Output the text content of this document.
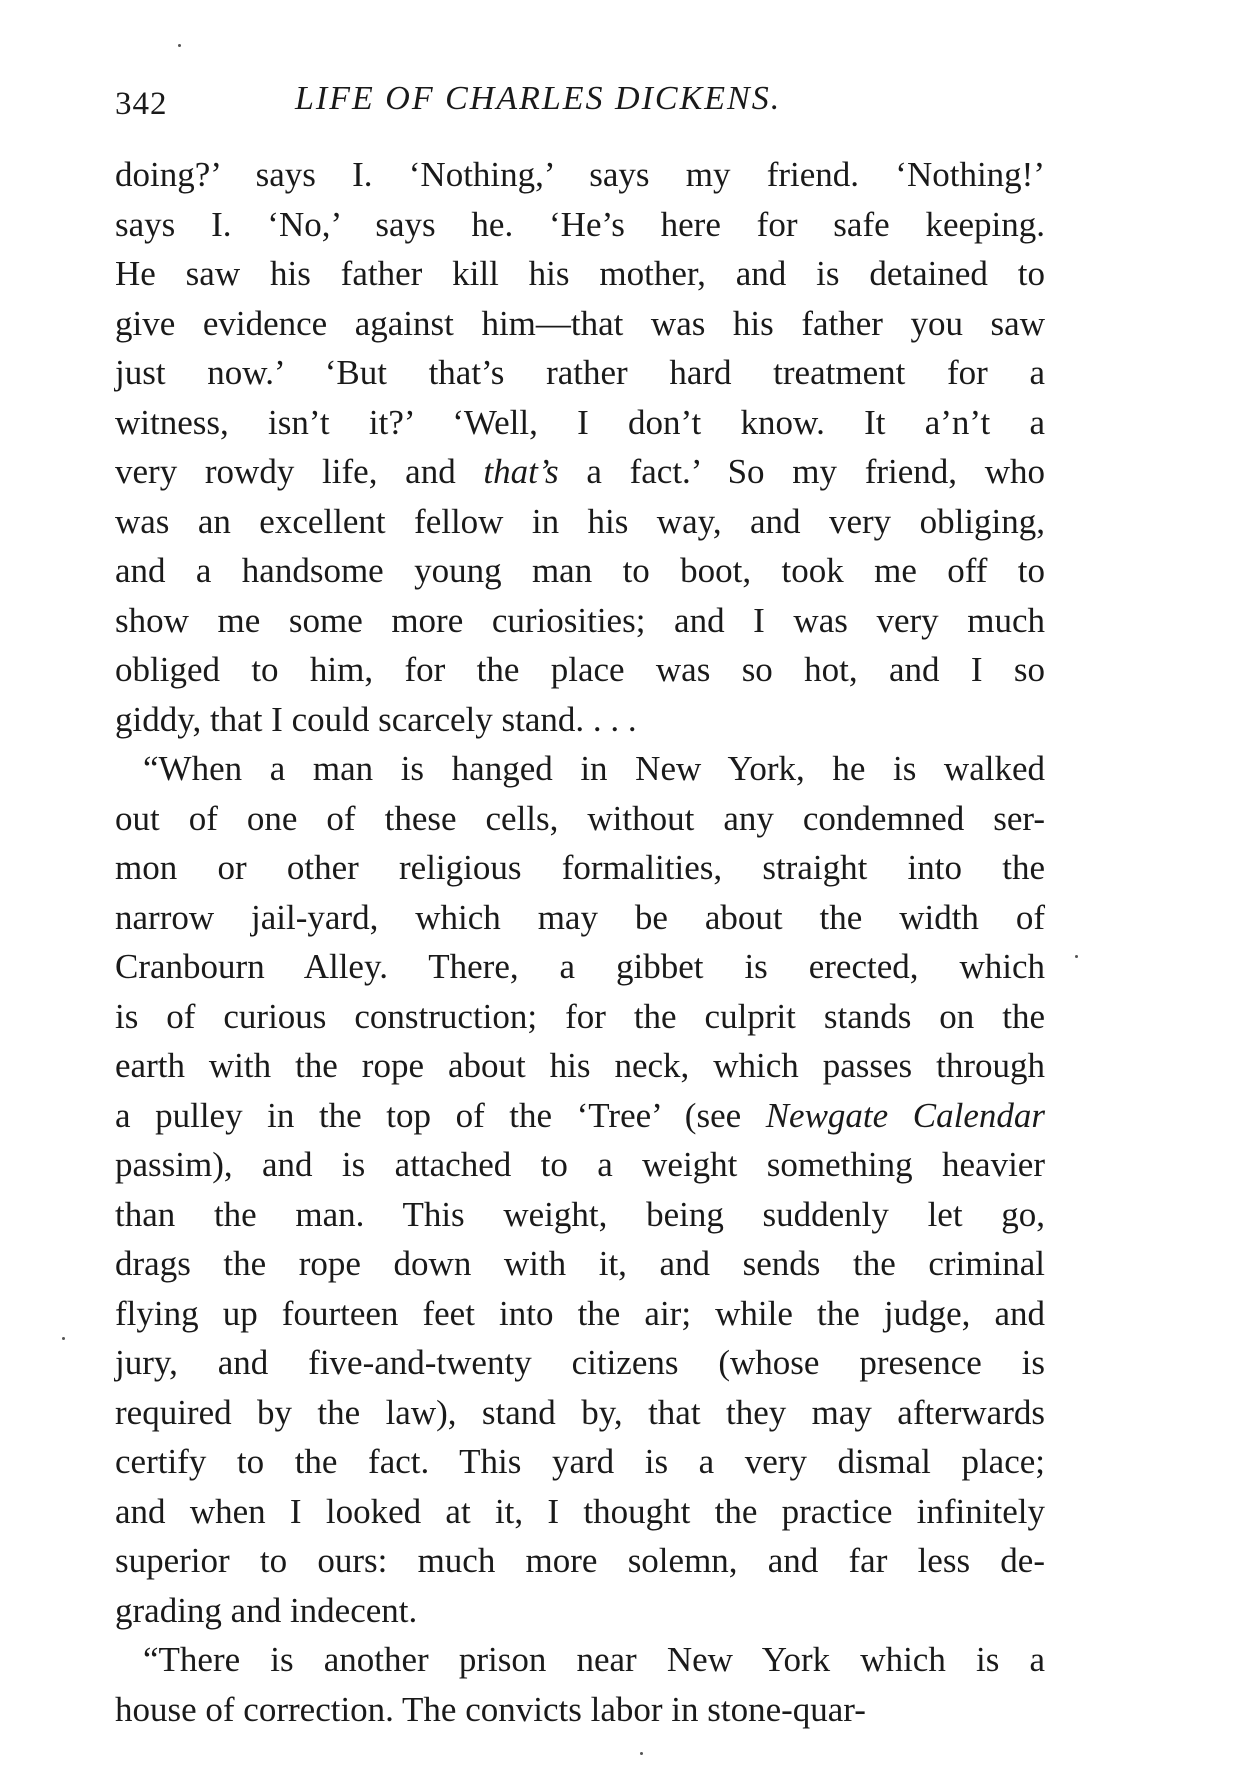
342	LIFE OF CHARLES DICKENS.

doing?’ says I. ‘Nothing,’ says my friend. ‘Nothing!’
says I. ‘No,’ says he. ‘He’s here for safe keeping.
He saw his father kill his mother, and is detained to
give evidence against him—that was his father you saw
just now.’ ‘But that’s rather hard treatment for a
witness, isn’t it?’ ‘Well, I don’t know. It a’n’t a
very rowdy life, and that’s a fact.’ So my friend, who
was an excellent fellow in his way, and very obliging,
and a handsome young man to boot, took me off to
show me some more curiosities; and I was very much
obliged to him, for the place was so hot, and I so
giddy, that I could scarcely stand. . . .

“When a man is hanged in New York, he is walked
out of one of these cells, without any condemned ser-
mon or other religious formalities, straight into the
narrow jail-yard, which may be about the width of
Cranbourn Alley. There, a gibbet is erected, which
is of curious construction; for the culprit stands on the
earth with the rope about his neck, which passes through
a pulley in the top of the ‘Tree’ (see Newgate Calendar
passim), and is attached to a weight something heavier
than the man. This weight, being suddenly let go,
drags the rope down with it, and sends the criminal
flying up fourteen feet into the air; while the judge, and
jury, and five-and-twenty citizens (whose presence is
required by the law), stand by, that they may afterwards
certify to the fact. This yard is a very dismal place;
and when I looked at it, I thought the practice infinitely
superior to ours: much more solemn, and far less de-
grading and indecent.

“There is another prison near New York which is a
house of correction. The convicts labor in stone-quar-
